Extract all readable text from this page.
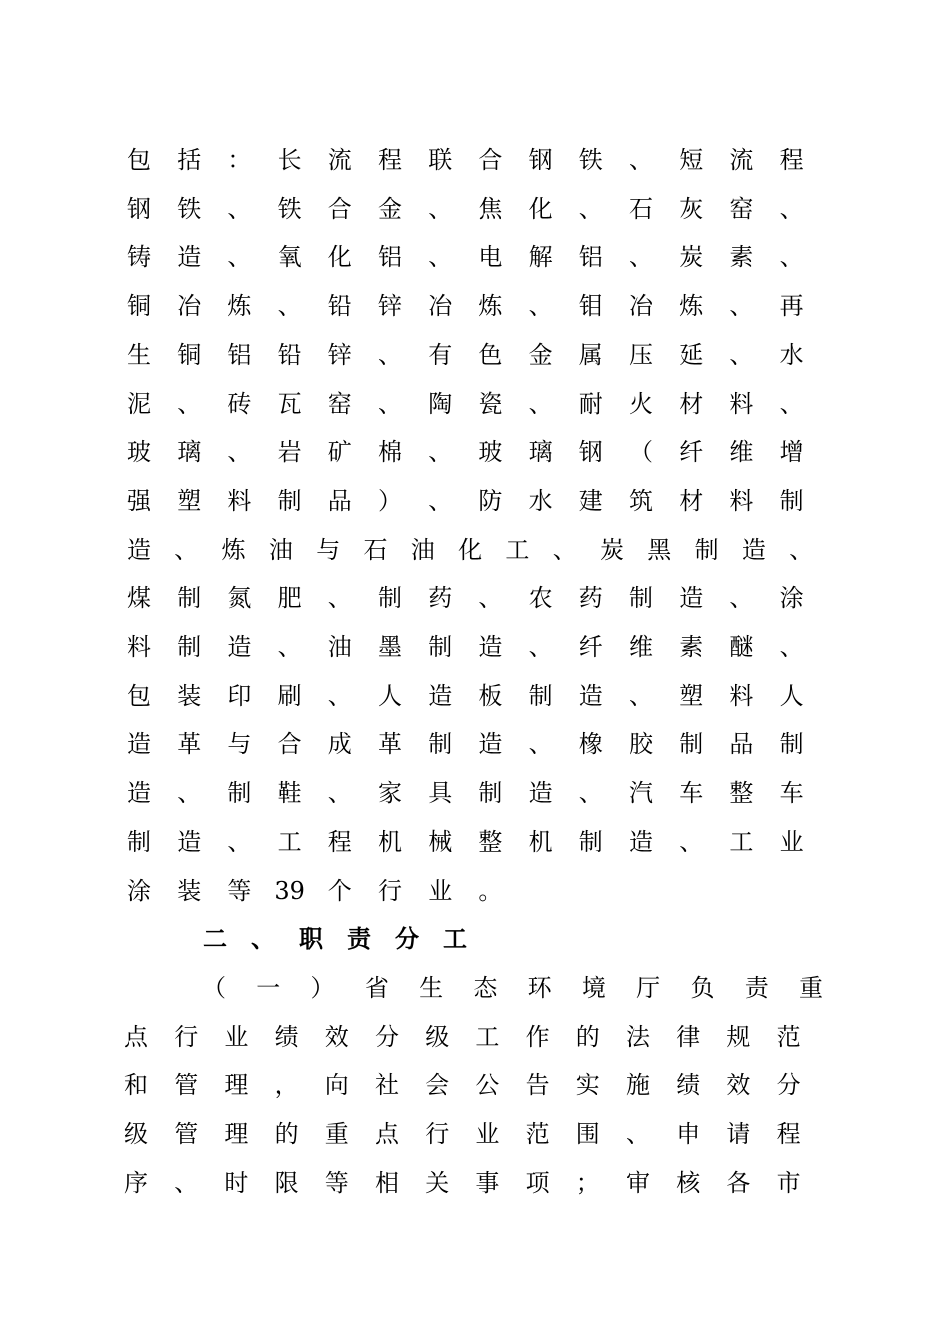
包 括 ： 长 流 程 联 合 钢 铁 、 短 流 程
钢 铁 、 铁 合 金 、 焦 化 、 石 灰 窑 、
铸 造 、 氧 化 铝 、 电 解 铝 、 炭 素 、
铜 冶 炼 、 铅 锌 冶 炼 、 钼 冶 炼 、 再
生 铜 铝 铅 锌 、 有 色 金 属 压 延 、 水
泥 、 砖 瓦 窑 、 陶 瓷 、 耐 火 材 料 、
玻 璃 、 岩 矿 棉 、 玻 璃 钢 （ 纤 维 增
强 塑 料 制 品 ） 、 防 水 建 筑 材 料 制
造 、 炼 油 与 石 油 化 工 、 炭 黑 制 造 、
煤 制 氮 肥 、 制 药 、 农 药 制 造 、 涂
料 制 造 、 油 墨 制 造 、 纤 维 素 醚 、
包 装 印 刷 、 人 造 板 制 造 、 塑 料 人
造 革 与 合 成 革 制 造 、 橡 胶 制 品 制
造 、 制 鞋 、 家 具 制 造 、 汽 车 整 车
制 造 、 工 程 机 械 整 机 制 造 、 工 业
涂 装 等 39 个 行 业 。
二 、 职 责 分 工
（ 一 ） 省 生 态 环 境 厅 负 责 重
点 行 业 绩 效 分 级 工 作 的 法 律 规 范
和 管 理 ， 向 社 会 公 告 实 施 绩 效 分
级 管 理 的 重 点 行 业 范 围 、 申 请 程
序 、 时 限 等 相 关 事 项 ； 审 核 各 市
